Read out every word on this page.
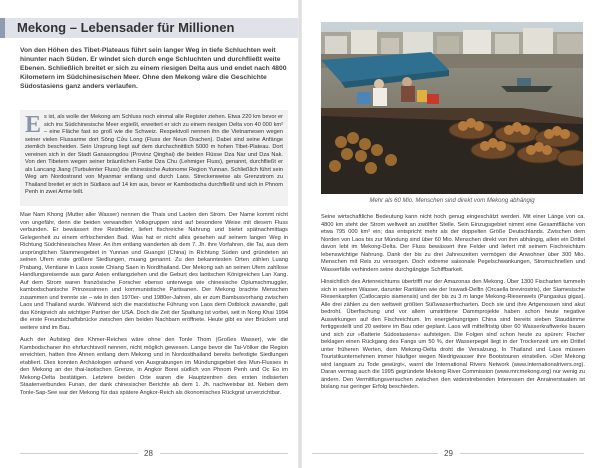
Mekong – Lebensader für Millionen
Von den Höhen des Tibet-Plateaus führt sein langer Weg in tiefe Schluchten weit hinunter nach Süden. Er windet sich durch enge Schluchten und durchfließt weite Ebenen. Schließlich breitet er sich zu einem riesigen Delta aus und endet nach 4800 Kilometern im Südchinesischen Meer. Ohne den Mekong wäre die Geschichte Südostasiens ganz anders verlaufen.
E s ist, als wolle der Mekong am Schluss noch einmal alle Register ziehen. Etwa 220 km bevor er sich ins Südchinesische Meer ergießt, erweitert er sich zu einem riesigen Delta von 40 000 km² – eine Fläche fast so groß wie die Schweiz. Respektvoll nennen ihn die Vietnamesen wegen seiner vielen Flussarme dort Sông Cửu Long (Fluss der Neun Drachen). Dabei sind seine Anfänge ziemlich bescheiden. Sein Ursprung liegt auf dem durchschnittlich 5000 m hohen Tibet-Plateau. Dort vereinen sich in der Stadt Ganasongdou (Provinz Qinghai) die beiden Flüsse Dza Nar und Dza Nak. Von den Tibetern wegen seiner bräunlichen Farbe Dza Chu (Lehmiger Fluss), genannt, durchfließt er als Lancang Jiang (Turbulenter Fluss) die chinesische Autonome Region Yunnan. Schließlich führt sein Weg am Nordostrand von Myanmar entlang und durch Laos. Streckenweise als Grenzstrom zu Thailand breitet er sich in Südlaos auf 14 km aus, bevor er Kambodscha durchfließt und sich in Phnom Penh in zwei Arme teilt.

Mae Nam Khong (Mutter aller Wasser) nennen die Thais und Laoten den Strom. Der Name kommt nicht von ungefähr, denn die beiden verwandten Volksgruppen sind auf besondere Weise mit diesem Fluss verbunden. Er bewässert ihre Reisfelder, liefert fischreiche Nahrung und bietet spätnachmittags Gelegenheit zu einem erfrischenden Bad. Was hat er nicht alles gesehen auf seinem langen Weg in Richtung Südchinesisches Meer. An ihm entlang wanderten ab dem 7. Jh. ihre Vorfahren, die Tai, aus dem ursprünglichen Stammesgebiet in Yunnan und Guangxi (China) in Richtung Süden und gründeten an seinen Ufern erste größere Siedlungen, muang genannt. Zu den bekanntesten Orten zählen Luang Prabang, Vientiane in Laos sowie Chiang Saen in Nordthailand. Der Mekong sah an seinen Ufern zahllose Handlungsreisende aus ganz Asien entlangziehen und die Geburt des laotischen Königreiches Lan Xang. Auf dem Strom waren französische Forscher ebenso unterwegs wie chinesische Opiumschmuggler, kambodschanische Prinzessinnen und kommunistische Partisanen. Der Mekong brachte Menschen zusammen und trennte sie – wie in den 1970er- und 1980er-Jahren, als er zum Bambusvorhang zwischen Laos und Thailand wurde. Während sich die marxistische Führung von Laos dem Ostblock zuwandte, galt das Königreich als wichtiger Partner der USA. Doch die Zeit der Spaltung ist vorbei, seit in Nong Khai 1994 die erste Freundschaftsbrücke zwischen den beiden Nachbarn eröffnete. Heute gibt es vier Brücken und weitere sind im Bau.

Auch der Aufstieg des Khmer-Reiches wäre ohne den Tonle Thom (Großes Wasser), wie die Kambodschaner ihn ehrfurchtsvoll nennen, nicht möglich gewesen. Lange bevor die Tai-Völker die Region erreichten, hatten ihre Ahnen entlang dem Mekong und in Nordostthailand bereits befestigte Siedlungen etabliert. Dies konnten Archäologen anhand von Ausgrabungen im Mündungsgebiet des Mun-Flusses in den Mekong an der thai-laotischen Grenze, in Angkor Borei südlich von Phnom Penh und Oc Eo im Mekong-Delta bestätigen. Letztere beiden Orte waren die Hauptzentren des ersten indisierten Staatenverbundes Funan, der dank chinesischer Berichte ab dem 1. Jh. nachweisbar ist. Neben dem Tonle-Sap-See war der Mekong für das spätere Angkor-Reich als ökonomisches Rückgrat unverzichtbar.

28
Mehr als 60 Mio. Menschen sind direkt vom Mekong abhängig

Seine wirtschaftliche Bedeutung kann nicht hoch genug eingeschätzt werden. Mit einer Länge von ca. 4800 km steht der Strom weltweit an zwölfter Stelle. Sein Einzugsgebiet nimmt eine Gesamtfläche von etwa 795 000 km² ein; das entspricht mehr als der doppelten Größe Deutschlands. Zwischen dem Norden von Laos bis zur Mündung sind über 60 Mio. Menschen direkt von ihm abhängig, allein ein Drittel davon lebt im Mekong-Delta. Der Fluss bewässert ihre Felder und liefert mit seinem Fischreichtum lebenswichtige Nahrung. Dank der bis zu drei Jahreszeiten vermögen die Anwohner über 300 Mio. Menschen mit Reis zu versorgen. Doch extreme saisonale Pegelschwankungen, Stromschnellen und Wasserfälle verhindern seine durchgängige Schiffbarkeit.

Hinsichtlich des Artenreichtums übertrifft nur der Amazonas den Mekong. Über 1300 Fischarten tummeln sich in seinem Wasser, darunter Raritäten wie der Irawadi-Delfin (Orcaella brevirostris), der Siamesische Riesenkarpfen (Catlocarpio siamensis) und der bis zu 3 m lange Mekong-Riesenwels (Pangasius gigas). Alle drei zählen zu den weltweit größten Süßwasserfischarten. Doch sie und ihre Artgenossen sind akut bedroht. Überfischung und vor allem umstrittene Dammprojekte haben schon heute negative Auswirkungen auf den Fischreichtum. Im energiehungrigen China sind bereits sieben Staudämme fertiggestellt und 20 weitere im Bau oder geplant. Laos will mittelfristig über 60 Wasserkraftwerke bauen und sich zur »Batterie Südostasiens« aufsteigen. Die Folgen sind schon heute zu spüren: Fischer beklagen einen Rückgang des Fangs um 50 %, der Wasserpegel liegt in der Trockenzeit um ein Drittel unter früheren Werten, dem Mekong-Delta droht die Versalzung. In Thailand und Laos müssen Touristikunternehmen immer häufiger wegen Niedrigwasser ihre Bootstouren einstellen. »Der Mekong wird langsam zu Tode gewürgt«, warnt die International Rivers Network (www.internationalrivers.org). Daran vermag auch die 1995 gegründete Mekong River Commission (www.mrcmekong.org) nur wenig zu ändern. Den Vermittlungsversuchen zwischen den widerstrebenden Interessen der Anrainerstaaten ist bislang nur geringer Erfolg beschieden.

29
